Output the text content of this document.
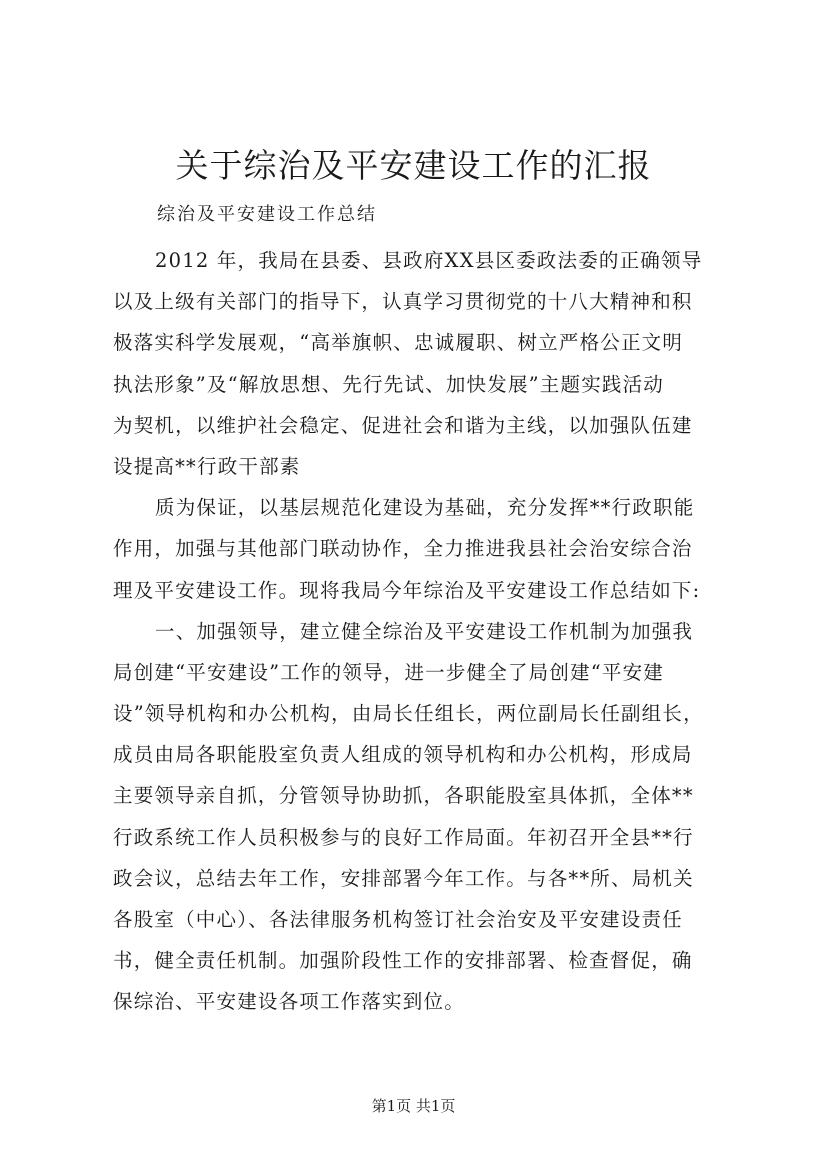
关于综治及平安建设工作的汇报

综治及平安建设工作总结

2012 年，我局在县委、县政府XX县区委政法委的正确领导
以及上级有关部门的指导下，认真学习贯彻党的十八大精神和积
极落实科学发展观，“高举旗帜、忠诚履职、树立严格公正文明
执法形象”及“解放思想、先行先试、加快发展”主题实践活动
为契机，以维护社会稳定、促进社会和谐为主线，以加强队伍建
设提高**行政干部素
质为保证，以基层规范化建设为基础，充分发挥**行政职能
作用，加强与其他部门联动协作，全力推进我县社会治安综合治
理及平安建设工作。现将我局今年综治及平安建设工作总结如下:
一、加强领导，建立健全综治及平安建设工作机制为加强我
局创建“平安建设”工作的领导，进一步健全了局创建“平安建
设”领导机构和办公机构，由局长任组长，两位副局长任副组长，
成员由局各职能股室负责人组成的领导机构和办公机构，形成局
主要领导亲自抓，分管领导协助抓，各职能股室具体抓，全体**
行政系统工作人员积极参与的良好工作局面。年初召开全县**行
政会议，总结去年工作，安排部署今年工作。与各**所、局机关
各股室（中心）、各法律服务机构签订社会治安及平安建设责任
书，健全责任机制。加强阶段性工作的安排部署、检查督促，确
保综治、平安建设各项工作落实到位。
第1页 共1页
